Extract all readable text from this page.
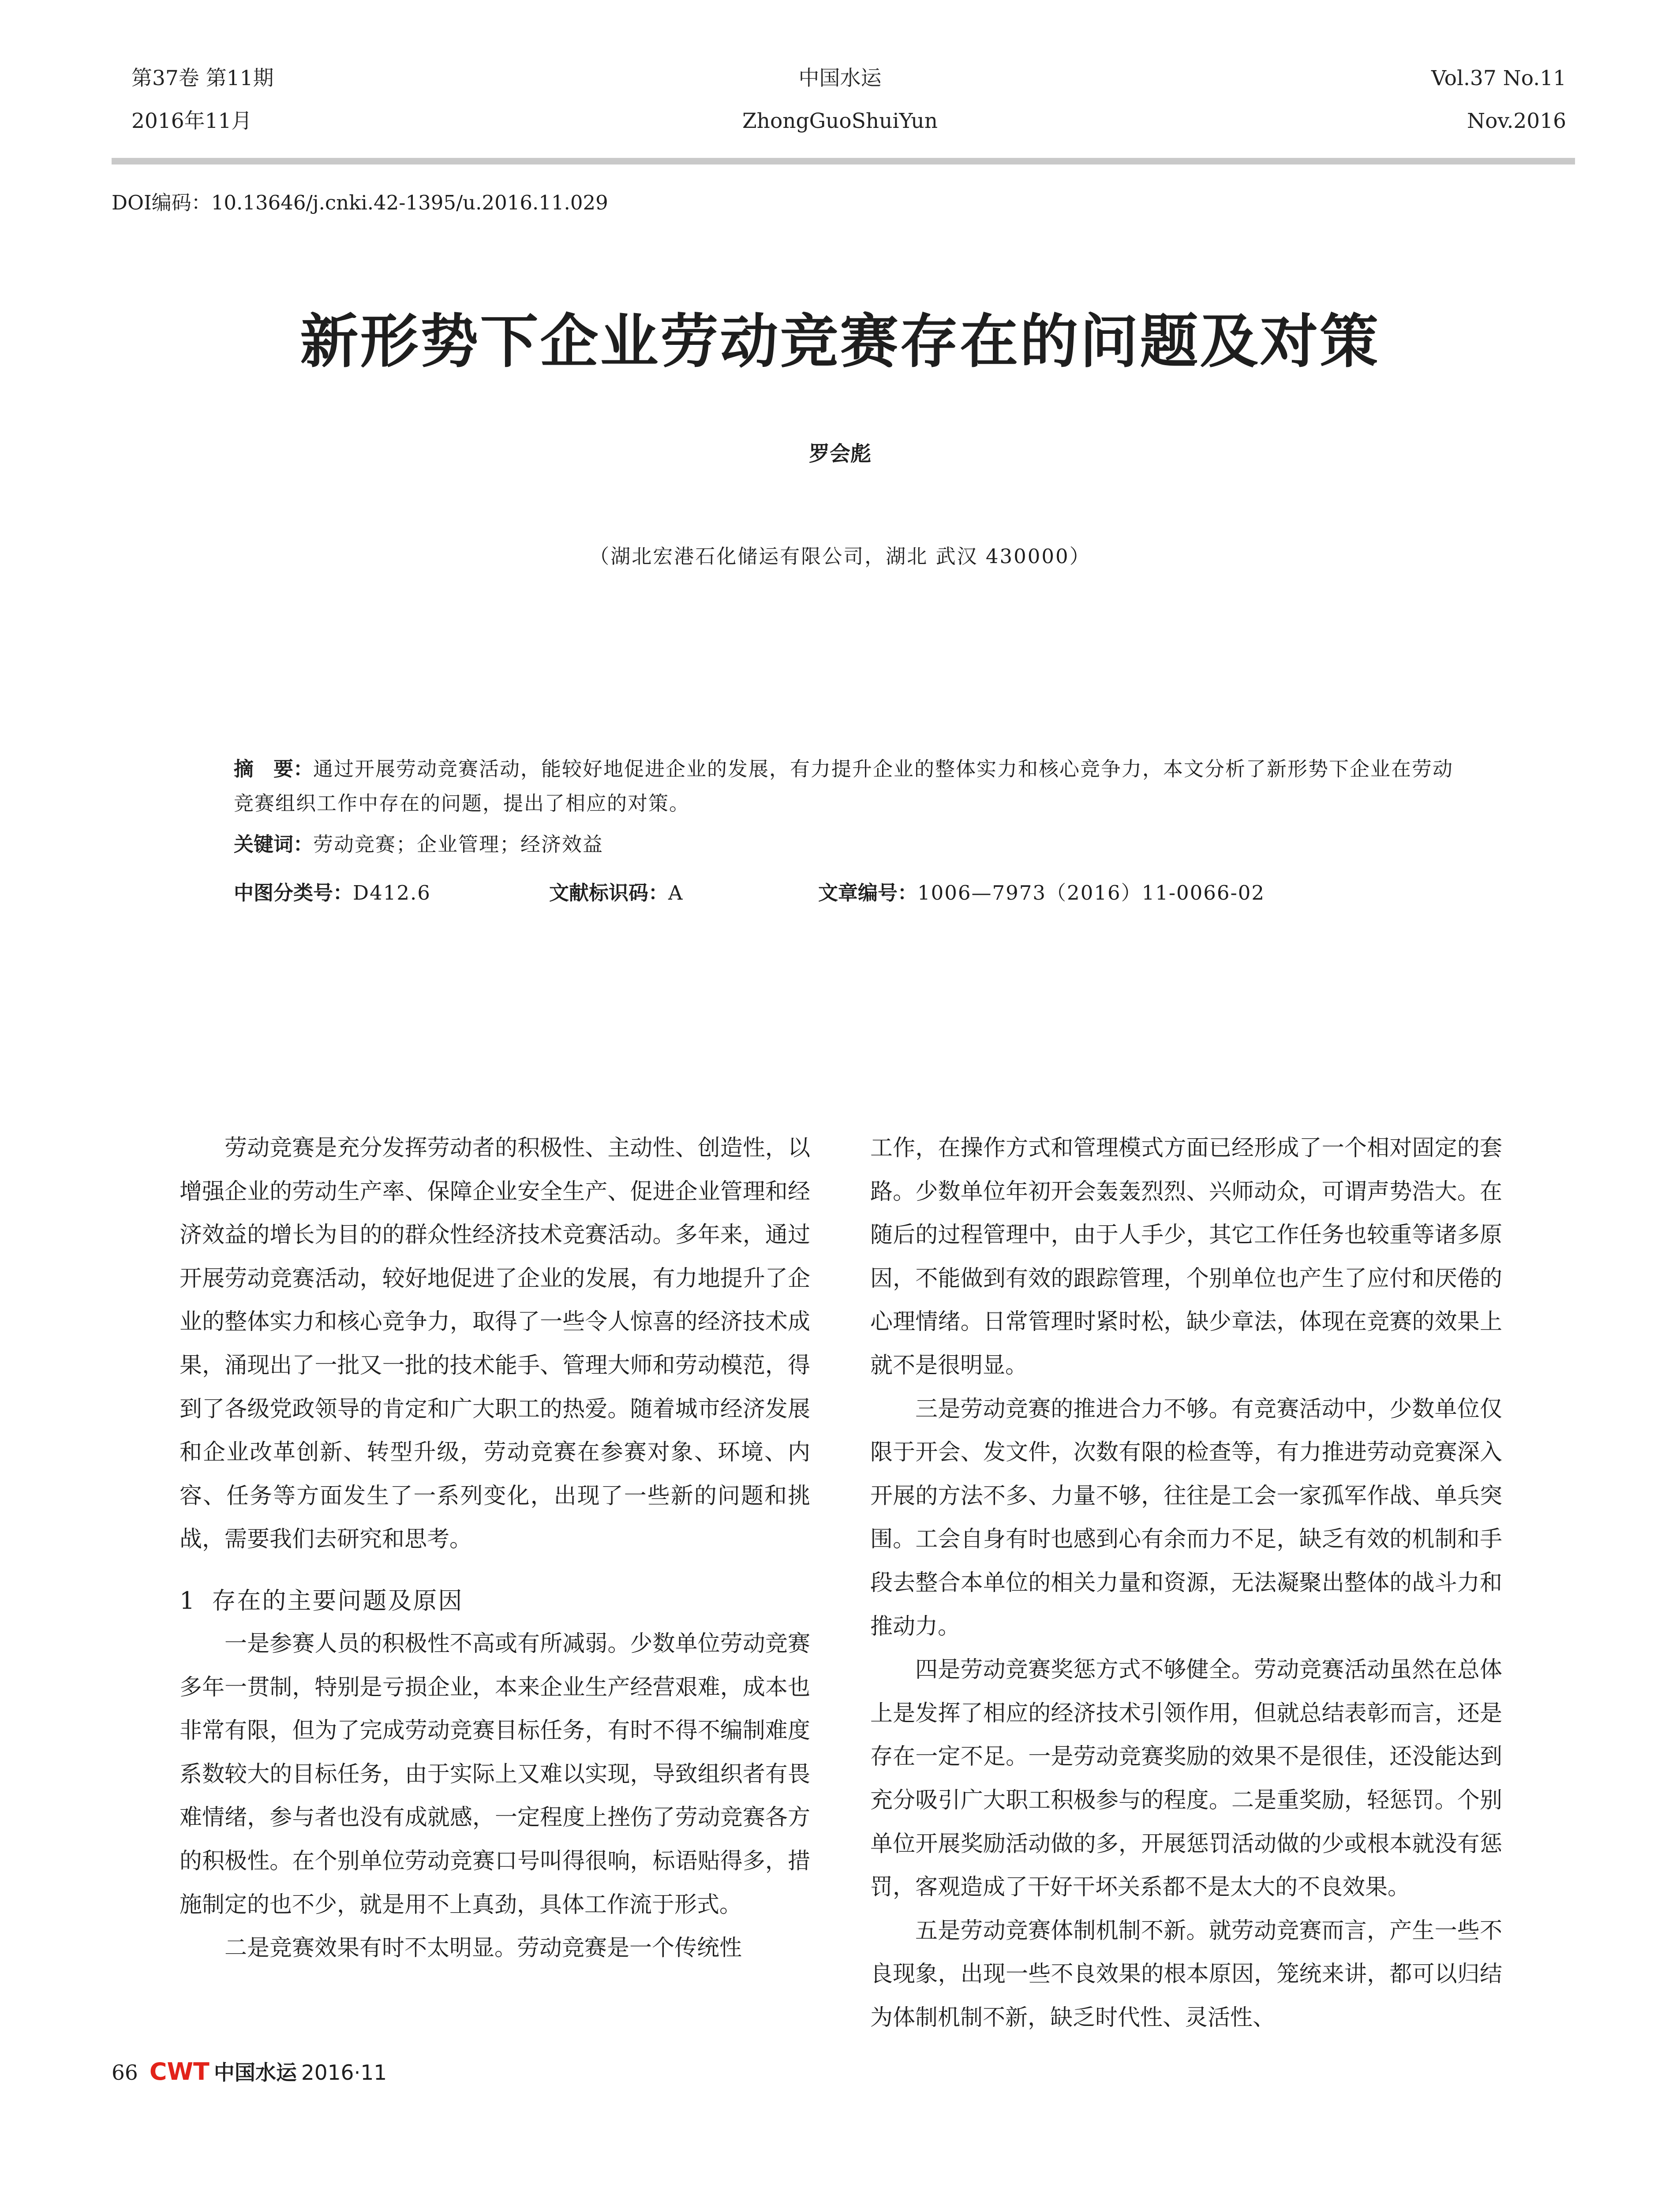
第37卷 第11期
2016年11月
中国水运
ZhongGuoShuiYun
Vol.37 No.11
Nov.2016
DOI编码：10.13646/j.cnki.42-1395/u.2016.11.029
新形势下企业劳动竞赛存在的问题及对策
罗会彪
（湖北宏港石化储运有限公司，湖北 武汉 430000）
摘　要：通过开展劳动竞赛活动，能较好地促进企业的发展，有力提升企业的整体实力和核心竞争力，本文分析了新形势下企业在劳动竞赛组织工作中存在的问题，提出了相应的对策。
关键词：劳动竞赛；企业管理；经济效益
中图分类号：D412.6	文献标识码：A	文章编号：1006—7973（2016）11-0066-02

劳动竞赛是充分发挥劳动者的积极性、主动性、创造性，以增强企业的劳动生产率、保障企业安全生产、促进企业管理和经济效益的增长为目的的群众性经济技术竞赛活动。多年来，通过开展劳动竞赛活动，较好地促进了企业的发展，有力地提升了企业的整体实力和核心竞争力，取得了一些令人惊喜的经济技术成果，涌现出了一批又一批的技术能手、管理大师和劳动模范，得到了各级党政领导的肯定和广大职工的热爱。随着城市经济发展和企业改革创新、转型升级，劳动竞赛在参赛对象、环境、内容、任务等方面发生了一系列变化，出现了一些新的问题和挑战，需要我们去研究和思考。

1 存在的主要问题及原因

一是参赛人员的积极性不高或有所减弱。少数单位劳动竞赛多年一贯制，特别是亏损企业，本来企业生产经营艰难，成本也非常有限，但为了完成劳动竞赛目标任务，有时不得不编制难度系数较大的目标任务，由于实际上又难以实现，导致组织者有畏难情绪，参与者也没有成就感，一定程度上挫伤了劳动竞赛各方的积极性。在个别单位劳动竞赛口号叫得很响，标语贴得多，措施制定的也不少，就是用不上真劲，具体工作流于形式。

二是竞赛效果有时不太明显。劳动竞赛是一个传统性

工作，在操作方式和管理模式方面已经形成了一个相对固定的套路。少数单位年初开会轰轰烈烈、兴师动众，可谓声势浩大。在随后的过程管理中，由于人手少，其它工作任务也较重等诸多原因，不能做到有效的跟踪管理，个别单位也产生了应付和厌倦的心理情绪。日常管理时紧时松，缺少章法，体现在竞赛的效果上就不是很明显。

三是劳动竞赛的推进合力不够。有竞赛活动中，少数单位仅限于开会、发文件，次数有限的检查等，有力推进劳动竞赛深入开展的方法不多、力量不够，往往是工会一家孤军作战、单兵突围。工会自身有时也感到心有余而力不足，缺乏有效的机制和手段去整合本单位的相关力量和资源，无法凝聚出整体的战斗力和推动力。

四是劳动竞赛奖惩方式不够健全。劳动竞赛活动虽然在总体上是发挥了相应的经济技术引领作用，但就总结表彰而言，还是存在一定不足。一是劳动竞赛奖励的效果不是很佳，还没能达到充分吸引广大职工积极参与的程度。二是重奖励，轻惩罚。个别单位开展奖励活动做的多，开展惩罚活动做的少或根本就没有惩罚，客观造成了干好干坏关系都不是太大的不良效果。

五是劳动竞赛体制机制不新。就劳动竞赛而言，产生一些不良现象，出现一些不良效果的根本原因，笼统来讲，都可以归结为体制机制不新，缺乏时代性、灵活性、

66 CWT 中国水运 2016·11
